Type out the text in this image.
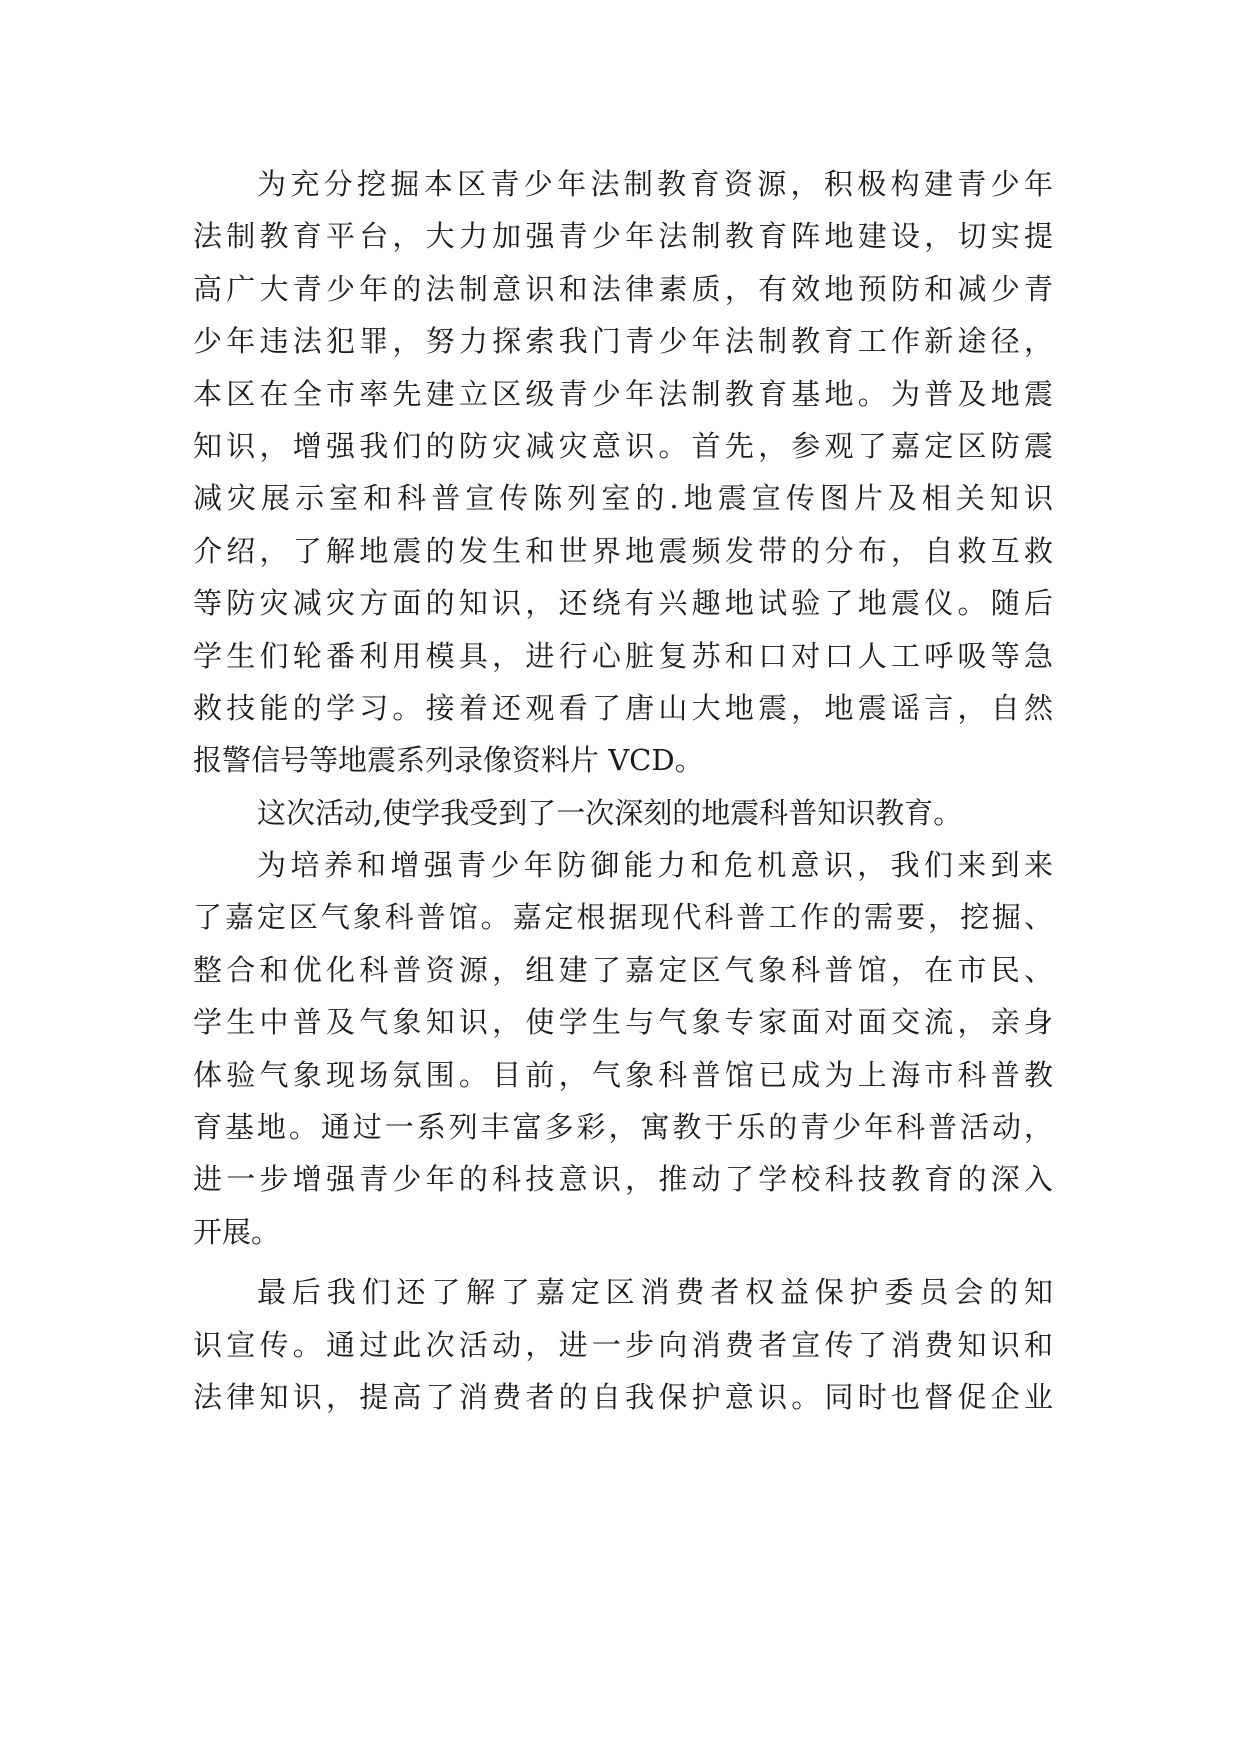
为充分挖掘本区青少年法制教育资源，积极构建青少年
法制教育平台，大力加强青少年法制教育阵地建设，切实提
高广大青少年的法制意识和法律素质，有效地预防和减少青
少年违法犯罪，努力探索我门青少年法制教育工作新途径，
本区在全市率先建立区级青少年法制教育基地。为普及地震
知识，增强我们的防灾减灾意识。首先，参观了嘉定区防震
减灾展示室和科普宣传陈列室的.地震宣传图片及相关知识
介绍，了解地震的发生和世界地震频发带的分布，自救互救
等防灾减灾方面的知识，还绕有兴趣地试验了地震仪。随后
学生们轮番利用模具，进行心脏复苏和口对口人工呼吸等急
救技能的学习。接着还观看了唐山大地震，地震谣言，自然
报警信号等地震系列录像资料片 VCD。
这次活动,使学我受到了一次深刻的地震科普知识教育。
为培养和增强青少年防御能力和危机意识，我们来到来
了嘉定区气象科普馆。嘉定根据现代科普工作的需要，挖掘、
整合和优化科普资源，组建了嘉定区气象科普馆，在市民、
学生中普及气象知识，使学生与气象专家面对面交流，亲身
体验气象现场氛围。目前，气象科普馆已成为上海市科普教
育基地。通过一系列丰富多彩，寓教于乐的青少年科普活动，
进一步增强青少年的科技意识，推动了学校科技教育的深入
开展。
最后我们还了解了嘉定区消费者权益保护委员会的知
识宣传。通过此次活动，进一步向消费者宣传了消费知识和
法律知识，提高了消费者的自我保护意识。同时也督促企业
